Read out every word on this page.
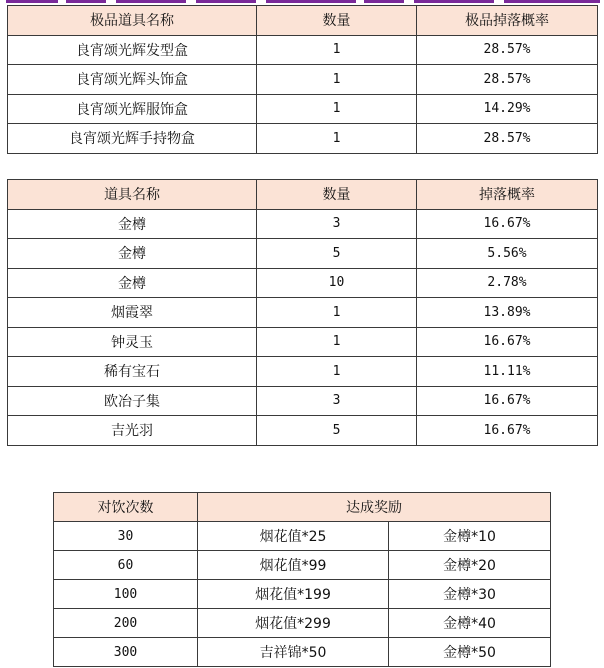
极品道具名称	数量	极品掉落概率
良宵颂光辉发型盒	1	28.57%
良宵颂光辉头饰盒	1	28.57%
良宵颂光辉服饰盒	1	14.29%
良宵颂光辉手持物盒	1	28.57%
道具名称	数量	掉落概率
金樽	3	16.67%
金樽	5	5.56%
金樽	10	2.78%
烟霞翠	1	13.89%
钟灵玉	1	16.67%
稀有宝石	1	11.11%
欧冶子集	3	16.67%
吉光羽	5	16.67%
对饮次数	达成奖励	
30	烟花值*25	金樽*10
60	烟花值*99	金樽*20
100	烟花值*199	金樽*30
200	烟花值*299	金樽*40
300	吉祥锦*50	金樽*50
